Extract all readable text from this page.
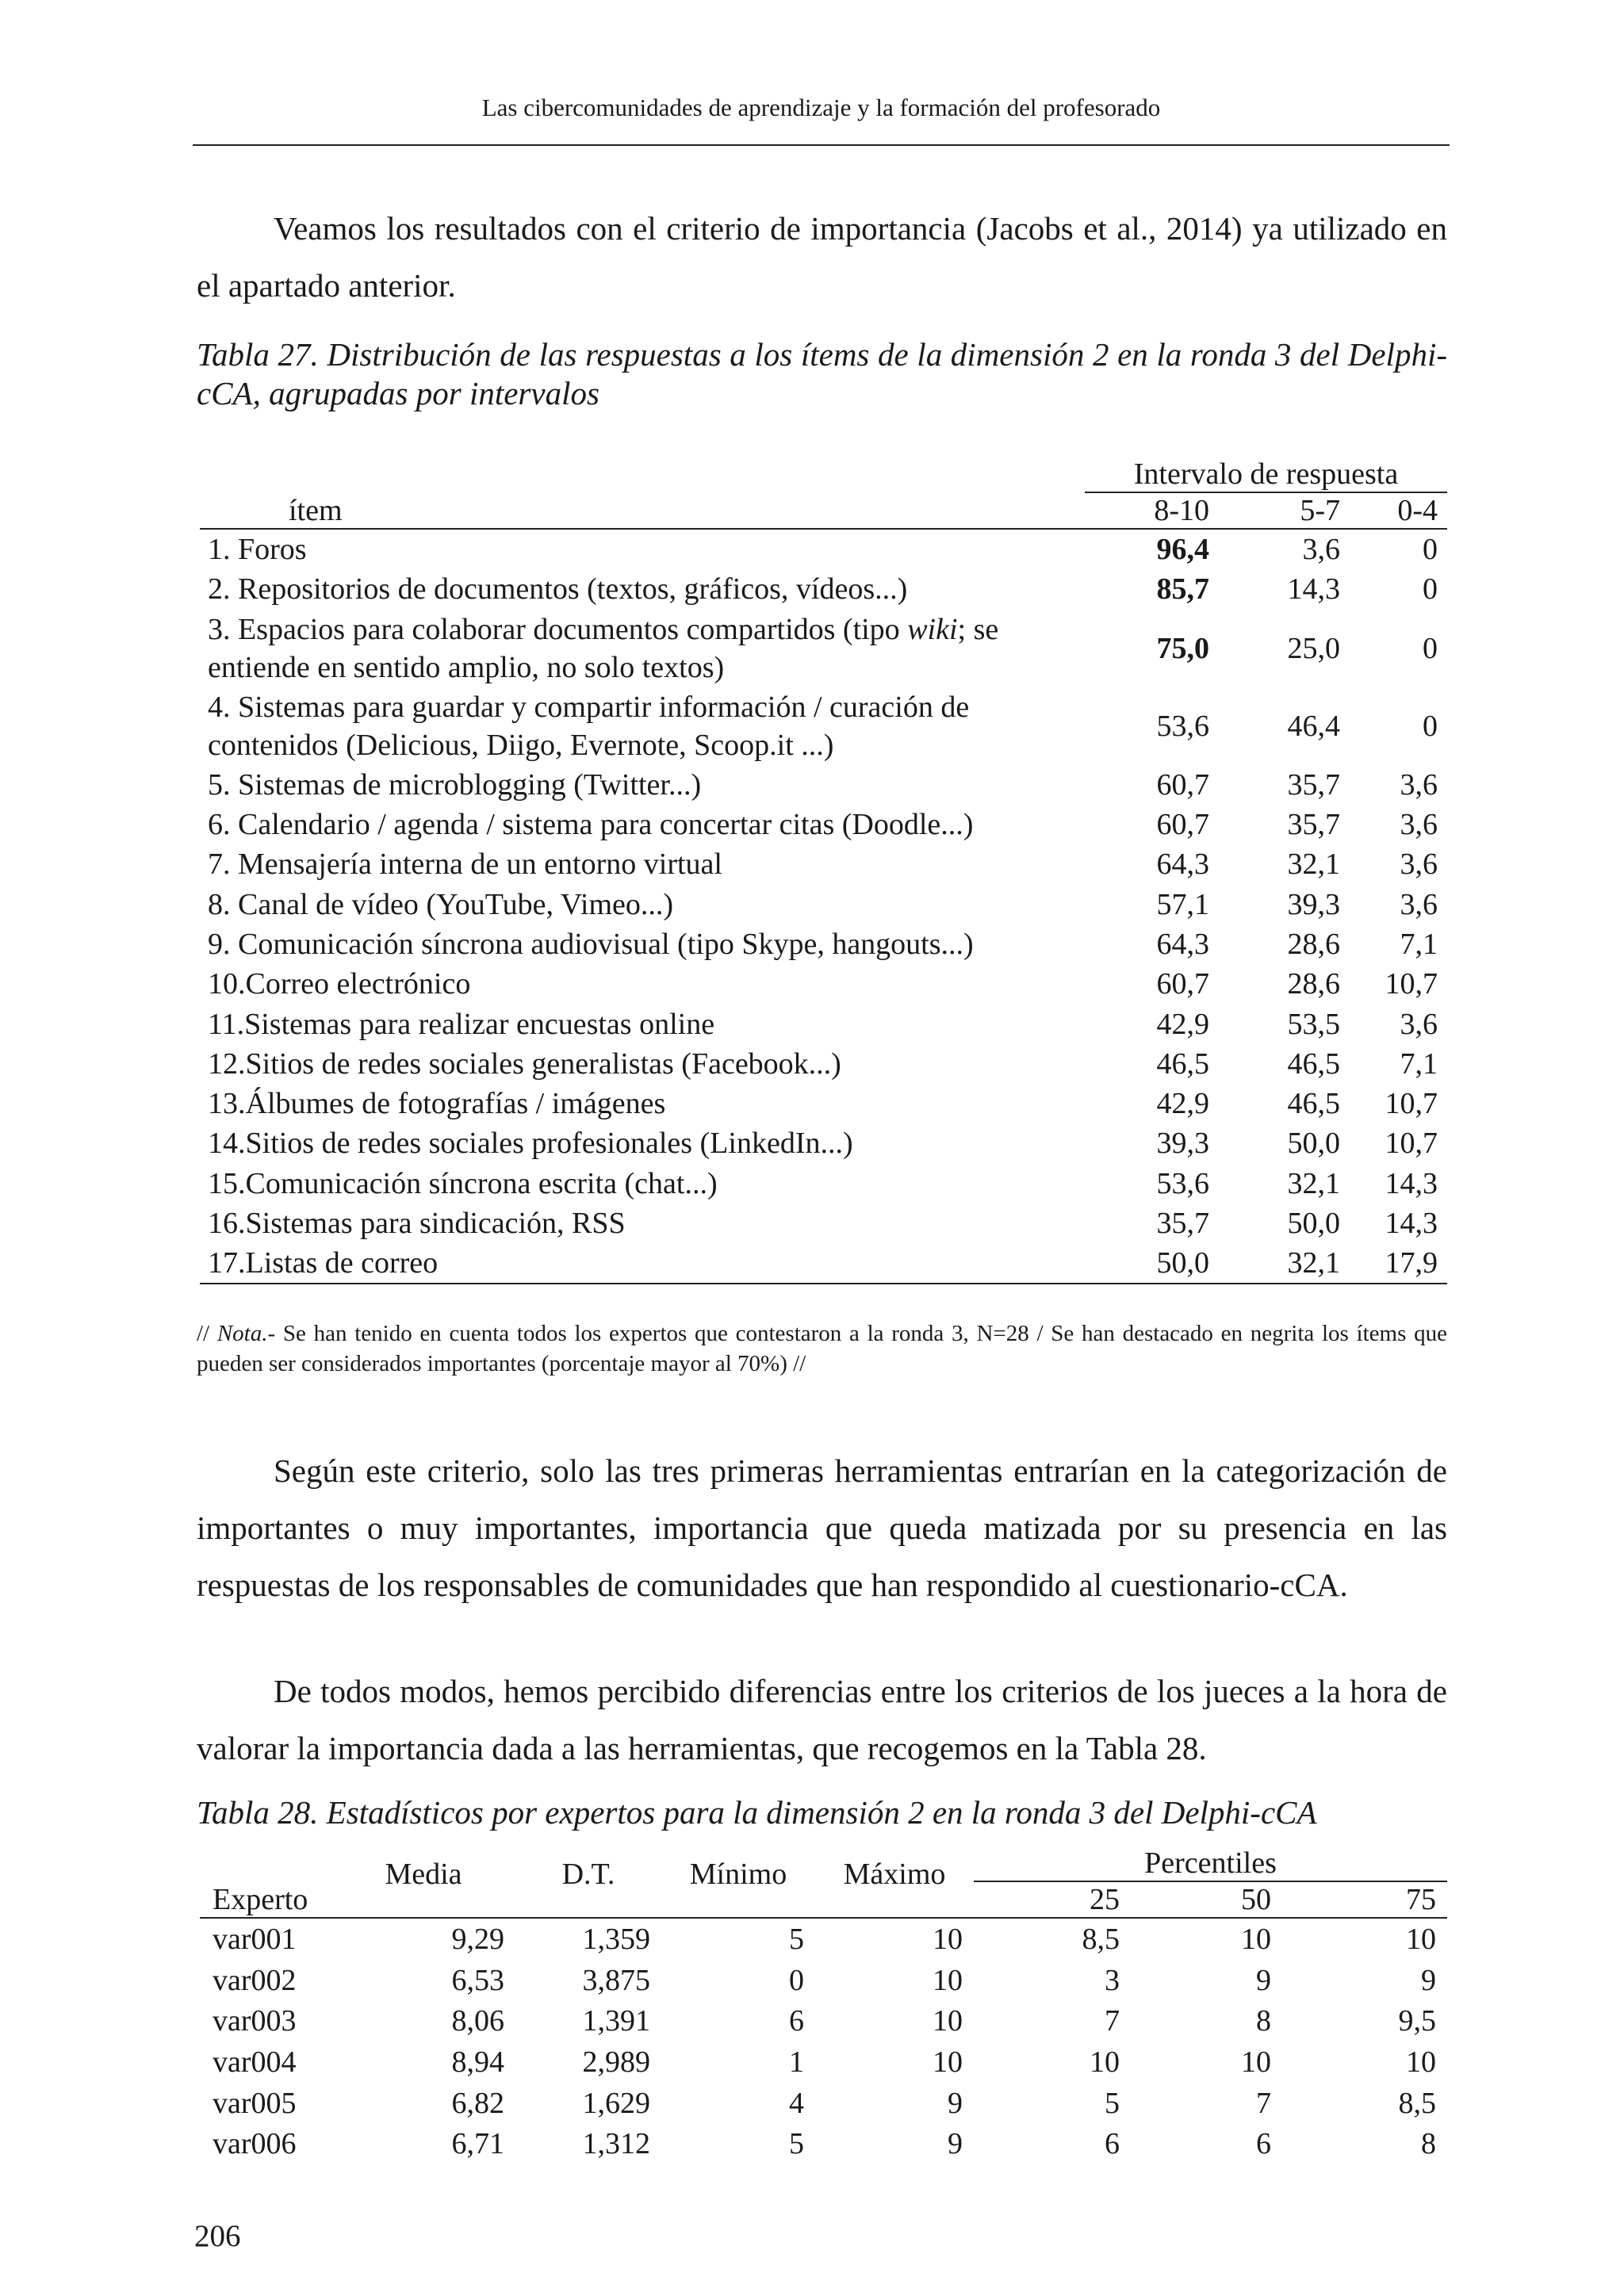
Las cibercomunidades de aprendizaje y la formación del profesorado

Veamos los resultados con el criterio de importancia (Jacobs et al., 2014) ya utilizado en el apartado anterior.

Tabla 27. Distribución de las respuestas a los ítems de la dimensión 2 en la ronda 3 del Delphi-cCA, agrupadas por intervalos

	Intervalo de respuesta		
ítem	8-10	5-7	0-4
1. Foros	96,4	3,6	0
2. Repositorios de documentos (textos, gráficos, vídeos...)	85,7	14,3	0
3. Espacios para colaborar documentos compartidos (tipo wiki; se entiende en sentido amplio, no solo textos)	75,0	25,0	0
4. Sistemas para guardar y compartir información / curación de contenidos (Delicious, Diigo, Evernote, Scoop.it ...)	53,6	46,4	0
5. Sistemas de microblogging (Twitter...)	60,7	35,7	3,6
6. Calendario / agenda / sistema para concertar citas (Doodle...)	60,7	35,7	3,6
7. Mensajería interna de un entorno virtual	64,3	32,1	3,6
8. Canal de vídeo (YouTube, Vimeo...)	57,1	39,3	3,6
9. Comunicación síncrona audiovisual (tipo Skype, hangouts...)	64,3	28,6	7,1
10.Correo electrónico	60,7	28,6	10,7
11.Sistemas para realizar encuestas online	42,9	53,5	3,6
12.Sitios de redes sociales generalistas (Facebook...)	46,5	46,5	7,1
13.Álbumes de fotografías / imágenes	42,9	46,5	10,7
14.Sitios de redes sociales profesionales (LinkedIn...)	39,3	50,0	10,7
15.Comunicación síncrona escrita (chat...)	53,6	32,1	14,3
16.Sistemas para sindicación, RSS	35,7	50,0	14,3
17.Listas de correo	50,0	32,1	17,9

// Nota.- Se han tenido en cuenta todos los expertos que contestaron a la ronda 3, N=28 / Se han destacado en negrita los ítems que pueden ser considerados importantes (porcentaje mayor al 70%) //

Según este criterio, solo las tres primeras herramientas entrarían en la categorización de importantes o muy importantes, importancia que queda matizada por su presencia en las respuestas de los responsables de comunidades que han respondido al cuestionario-cCA.

De todos modos, hemos percibido diferencias entre los criterios de los jueces a la hora de valorar la importancia dada a las herramientas, que recogemos en la Tabla 28.

Tabla 28. Estadísticos por expertos para la dimensión 2 en la ronda 3 del Delphi-cCA

	Media	D.T.	Mínimo	Máximo	Percentiles		
Experto					25	50	75
var001	9,29	1,359	5	10	8,5	10	10
var002	6,53	3,875	0	10	3	9	9
var003	8,06	1,391	6	10	7	8	9,5
var004	8,94	2,989	1	10	10	10	10
var005	6,82	1,629	4	9	5	7	8,5
var006	6,71	1,312	5	9	6	6	8
206
